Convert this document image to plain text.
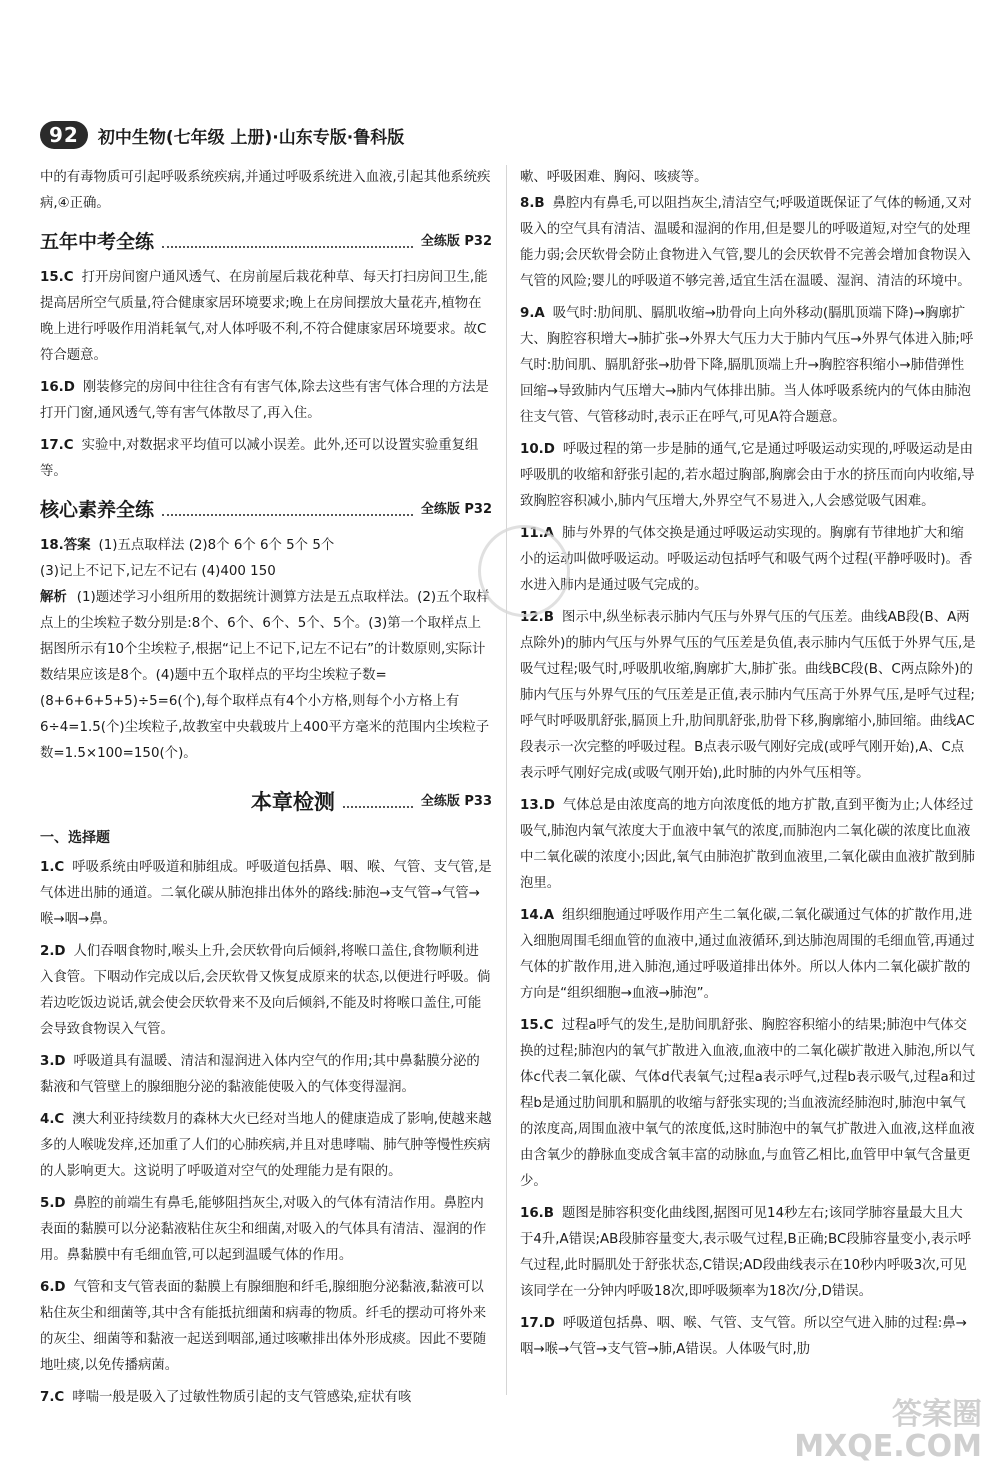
92	初中生物(七年级 上册)·山东专版·鲁科版

中的有毒物质可引起呼吸系统疾病,并通过呼吸系统进入血液,引起其他系统疾病,④正确。

五年中考全练	全练版 P32
15.C 打开房间窗户通风透气、在房前屋后栽花种草、每天打扫房间卫生,能提高居所空气质量,符合健康家居环境要求;晚上在房间摆放大量花卉,植物在晚上进行呼吸作用消耗氧气,对人体呼吸不利,不符合健康家居环境要求。故C符合题意。
16.D 刚装修完的房间中往往含有有害气体,除去这些有害气体合理的方法是打开门窗,通风透气,等有害气体散尽了,再入住。
17.C 实验中,对数据求平均值可以减小误差。此外,还可以设置实验重复组等。
核心素养全练	全练版 P32
18.答案 (1)五点取样法 (2)8个 6个 6个 5个 5个
(3)记上不记下,记左不记右 (4)400 150
解析 (1)题述学习小组所用的数据统计测算方法是五点取样法。(2)五个取样点上的尘埃粒子数分别是:8个、6个、6个、5个、5个。(3)第一个取样点上据图所示有10个尘埃粒子,根据“记上不记下,记左不记右”的计数原则,实际计数结果应该是8个。(4)题中五个取样点的平均尘埃粒子数=(8+6+6+5+5)÷5=6(个),每个取样点有4个小方格,则每个小方格上有6÷4=1.5(个)尘埃粒子,故教室中央载玻片上400平方毫米的范围内尘埃粒子数=1.5×100=150(个)。
本章检测	全练版 P33
一、选择题
1.C 呼吸系统由呼吸道和肺组成。呼吸道包括鼻、咽、喉、气管、支气管,是气体进出肺的通道。二氧化碳从肺泡排出体外的路线:肺泡→支气管→气管→喉→咽→鼻。
2.D 人们吞咽食物时,喉头上升,会厌软骨向后倾斜,将喉口盖住,食物顺利进入食管。下咽动作完成以后,会厌软骨又恢复成原来的状态,以便进行呼吸。倘若边吃饭边说话,就会使会厌软骨来不及向后倾斜,不能及时将喉口盖住,可能会导致食物误入气管。
3.D 呼吸道具有温暖、清洁和湿润进入体内空气的作用;其中鼻黏膜分泌的黏液和气管壁上的腺细胞分泌的黏液能使吸入的气体变得湿润。
4.C 澳大利亚持续数月的森林大火已经对当地人的健康造成了影响,使越来越多的人喉咙发痒,还加重了人们的心肺疾病,并且对患哮喘、肺气肿等慢性疾病的人影响更大。这说明了呼吸道对空气的处理能力是有限的。
5.D 鼻腔的前端生有鼻毛,能够阻挡灰尘,对吸入的气体有清洁作用。鼻腔内表面的黏膜可以分泌黏液粘住灰尘和细菌,对吸入的气体具有清洁、湿润的作用。鼻黏膜中有毛细血管,可以起到温暖气体的作用。
6.D 气管和支气管表面的黏膜上有腺细胞和纤毛,腺细胞分泌黏液,黏液可以粘住灰尘和细菌等,其中含有能抵抗细菌和病毒的物质。纤毛的摆动可将外来的灰尘、细菌等和黏液一起送到咽部,通过咳嗽排出体外形成痰。因此不要随地吐痰,以免传播病菌。
7.C 哮喘一般是吸入了过敏性物质引起的支气管感染,症状有咳

嗽、呼吸困难、胸闷、咳痰等。

8.B 鼻腔内有鼻毛,可以阻挡灰尘,清洁空气;呼吸道既保证了气体的畅通,又对吸入的空气具有清洁、温暖和湿润的作用,但是婴儿的呼吸道短,对空气的处理能力弱;会厌软骨会防止食物进入气管,婴儿的会厌软骨不完善会增加食物误入气管的风险;婴儿的呼吸道不够完善,适宜生活在温暖、湿润、清洁的环境中。
9.A 吸气时:肋间肌、膈肌收缩→肋骨向上向外移动(膈肌顶端下降)→胸廓扩大、胸腔容积增大→肺扩张→外界大气压力大于肺内气压→外界气体进入肺;呼气时:肋间肌、膈肌舒张→肋骨下降,膈肌顶端上升→胸腔容积缩小→肺借弹性回缩→导致肺内气压增大→肺内气体排出肺。当人体呼吸系统内的气体由肺泡往支气管、气管移动时,表示正在呼气,可见A符合题意。
10.D 呼吸过程的第一步是肺的通气,它是通过呼吸运动实现的,呼吸运动是由呼吸肌的收缩和舒张引起的,若水超过胸部,胸廓会由于水的挤压而向内收缩,导致胸腔容积减小,肺内气压增大,外界空气不易进入,人会感觉吸气困难。
11.A 肺与外界的气体交换是通过呼吸运动实现的。胸廓有节律地扩大和缩小的运动叫做呼吸运动。呼吸运动包括呼气和吸气两个过程(平静呼吸时)。香水进入肺内是通过吸气完成的。
12.B 图示中,纵坐标表示肺内气压与外界气压的气压差。曲线AB段(B、A两点除外)的肺内气压与外界气压的气压差是负值,表示肺内气压低于外界气压,是吸气过程;吸气时,呼吸肌收缩,胸廓扩大,肺扩张。曲线BC段(B、C两点除外)的肺内气压与外界气压的气压差是正值,表示肺内气压高于外界气压,是呼气过程;呼气时呼吸肌舒张,膈顶上升,肋间肌舒张,肋骨下移,胸廓缩小,肺回缩。曲线AC段表示一次完整的呼吸过程。B点表示吸气刚好完成(或呼气刚开始),A、C点表示呼气刚好完成(或吸气刚开始),此时肺的内外气压相等。
13.D 气体总是由浓度高的地方向浓度低的地方扩散,直到平衡为止;人体经过吸气,肺泡内氧气浓度大于血液中氧气的浓度,而肺泡内二氧化碳的浓度比血液中二氧化碳的浓度小;因此,氧气由肺泡扩散到血液里,二氧化碳由血液扩散到肺泡里。
14.A 组织细胞通过呼吸作用产生二氧化碳,二氧化碳通过气体的扩散作用,进入细胞周围毛细血管的血液中,通过血液循环,到达肺泡周围的毛细血管,再通过气体的扩散作用,进入肺泡,通过呼吸道排出体外。所以人体内二氧化碳扩散的方向是“组织细胞→血液→肺泡”。
15.C 过程a呼气的发生,是肋间肌舒张、胸腔容积缩小的结果;肺泡中气体交换的过程;肺泡内的氧气扩散进入血液,血液中的二氧化碳扩散进入肺泡,所以气体c代表二氧化碳、气体d代表氧气;过程a表示呼气,过程b表示吸气,过程a和过程b是通过肋间肌和膈肌的收缩与舒张实现的;当血液流经肺泡时,肺泡中氧气的浓度高,周围血液中氧气的浓度低,这时肺泡中的氧气扩散进入血液,这样血液由含氧少的静脉血变成含氧丰富的动脉血,与血管乙相比,血管甲中氧气含量更少。
16.B 题图是肺容积变化曲线图,据图可见14秒左右;该同学肺容量最大且大于4升,A错误;AB段肺容量变大,表示吸气过程,B正确;BC段肺容量变小,表示呼气过程,此时膈肌处于舒张状态,C错误;AD段曲线表示在10秒内呼吸3次,可见该同学在一分钟内呼吸18次,即呼吸频率为18次/分,D错误。
17.D 呼吸道包括鼻、咽、喉、气管、支气管。所以空气进入肺的过程:鼻→咽→喉→气管→支气管→肺,A错误。人体吸气时,肋
答案圈
MXQE.COM
